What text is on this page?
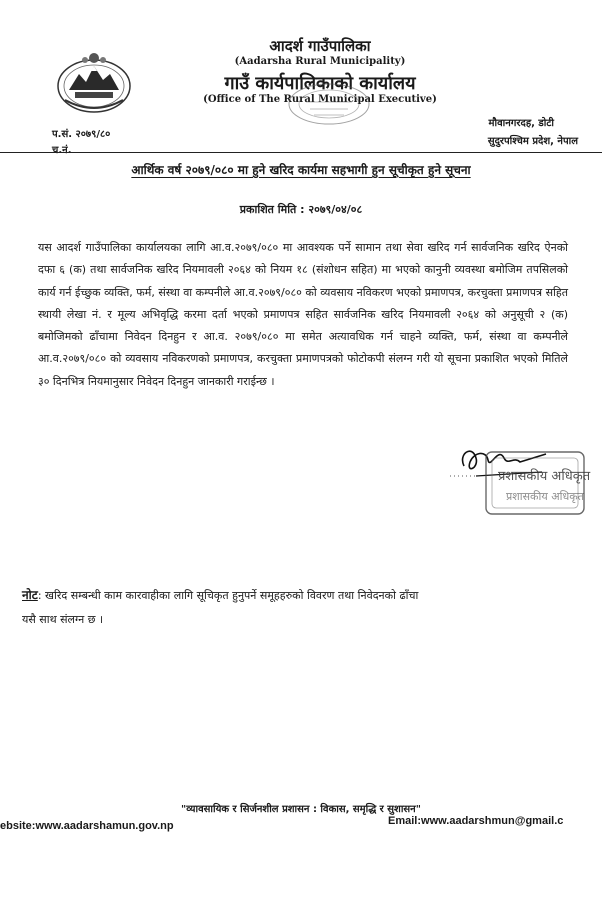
आदर्श गाउँपालिका
(Aadarsha Rural Municipality)
गाउँ कार्यपालिकाको कार्यालय
(Office of The Rural Municipal Executive)
प.सं. २०७९/८०
च.नं.
मौवानगरदह, डोटी
सुदुरपश्चिम प्रदेश, नेपाल
आर्थिक वर्ष २०७९/०८० मा हुने खरिद कार्यमा सहभागी हुन सूचीकृत हुने सूचना
प्रकाशित मिति : २०७९/०४/०८
यस आदर्श गाउँपालिका कार्यालयका लागि आ.व.२०७९/०८० मा आवश्यक पर्ने सामान तथा सेवा खरिद गर्न सार्वजनिक खरिद ऐनको दफा ६ (क) तथा सार्वजनिक खरिद नियमावली २०६४ को नियम १८ (संशोधन सहित) मा भएको कानुनी व्यवस्था बमोजिम तपसिलको कार्य गर्न ईच्छुक व्यक्ति, फर्म, संस्था वा कम्पनीले आ.व.२०७९/०८० को व्यवसाय नविकरण भएको प्रमाणपत्र, करचुक्ता प्रमाणपत्र सहित स्थायी लेखा नं. र मूल्य अभिवृद्धि करमा दर्ता भएको प्रमाणपत्र सहित सार्वजनिक खरिद नियमावली २०६४ को अनुसूची २ (क) बमोजिमको ढाँचामा निवेदन दिनहुन र आ.व. २०७९/०८० मा समेत अत्यावधिक गर्न चाहने व्यक्ति, फर्म, संस्था वा कम्पनीले आ.व.२०७९/०८० को व्यवसाय नविकरणको प्रमाणपत्र, करचुक्ता प्रमाणपत्रको फोटोकपी संलग्न गरी यो सूचना प्रकाशित भएको मितिले ३० दिनभित्र नियमानुसार निवेदन दिनहुन जानकारी गराईन्छ ।
प्रशासकीय अधिकृत
प्रशासकीय अधिकृत
नोट: खरिद सम्बन्धी काम कारवाहीका लागि सूचिकृत हुनुपर्ने समूहहरुको विवरण तथा निवेदनको ढाँचा
यसै साथ संलग्न छ ।
"व्यावसायिक र सिर्जनशील प्रशासन : विकास, समृद्धि र सुशासन"
ebsite:www.aadarshamun.gov.np	Email:www.aadarshmun@gmail.c
